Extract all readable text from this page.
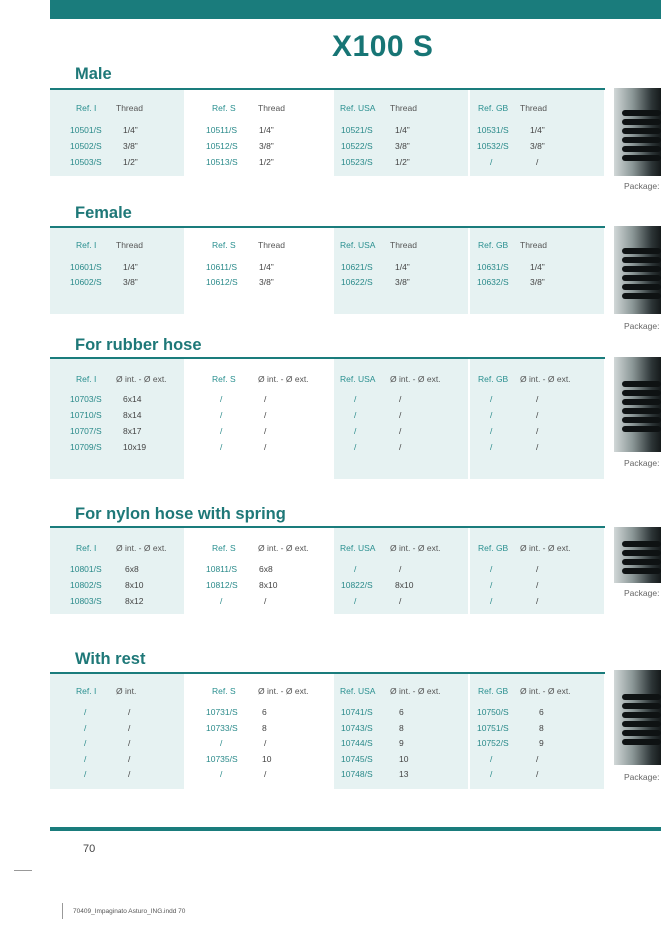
X100 S
Male
Ref. I Thread	Ref. S	Thread	Ref. USA Thread	Ref. GB Thread
10501/S	1/4”	10511/S	1/4”	10521/S	1/4”	10531/S	1/4”
10502/S	3/8”	10512/S	3/8”	10522/S	3/8”	10532/S	3/8”
10503/S	1/2”	10513/S	1/2”	10523/S	1/2”	/	/
Package:
Female
Ref. I Thread	Ref. S	Thread	Ref. USA Thread	Ref. GB Thread
10601/S	1/4”	10611/S	1/4”	10621/S	1/4”	10631/S	1/4”
10602/S	3/8”	10612/S	3/8”	10622/S	3/8”	10632/S	3/8”
Package:
For rubber hose
Ref. I Ø int. - Ø ext.	Ref. S	Ø int. - Ø ext.	Ref. USA Ø int. - Ø ext.	Ref. GB Ø int. - Ø ext.
10703/S	6x14	/	/	/	/	/	/
10710/S	8x14	/	/	/	/	/	/
10707/S	8x17	/	/	/	/	/	/
10709/S	10x19	/	/	/	/	/	/
Package:
For nylon hose with spring
Ref. I Ø int. - Ø ext.	Ref. S	Ø int. - Ø ext.	Ref. USA Ø int. - Ø ext.	Ref. GB Ø int. - Ø ext.
10801/S	6x8	10811/S	6x8	/	/	/	/
10802/S	8x10	10812/S	8x10	10822/S	8x10	/	/
10803/S	8x12	/	/	/	/	/	/
Package:
With rest
Ref. I Ø int.	Ref. S	Ø int. - Ø ext.	Ref. USA Ø int. - Ø ext.	Ref. GB Ø int. - Ø ext.
/	/	10731/S	6	10741/S	6	10750/S	6
/	/	10733/S	8	10743/S	8	10751/S	8
/	/	/	/	10744/S	9	10752/S	9
/	/	10735/S	10	10745/S	10	/	/
/	/	/	/	10748/S	13	/	/	Package:
70
70409_Impaginato Asturo_ING.indd 70
